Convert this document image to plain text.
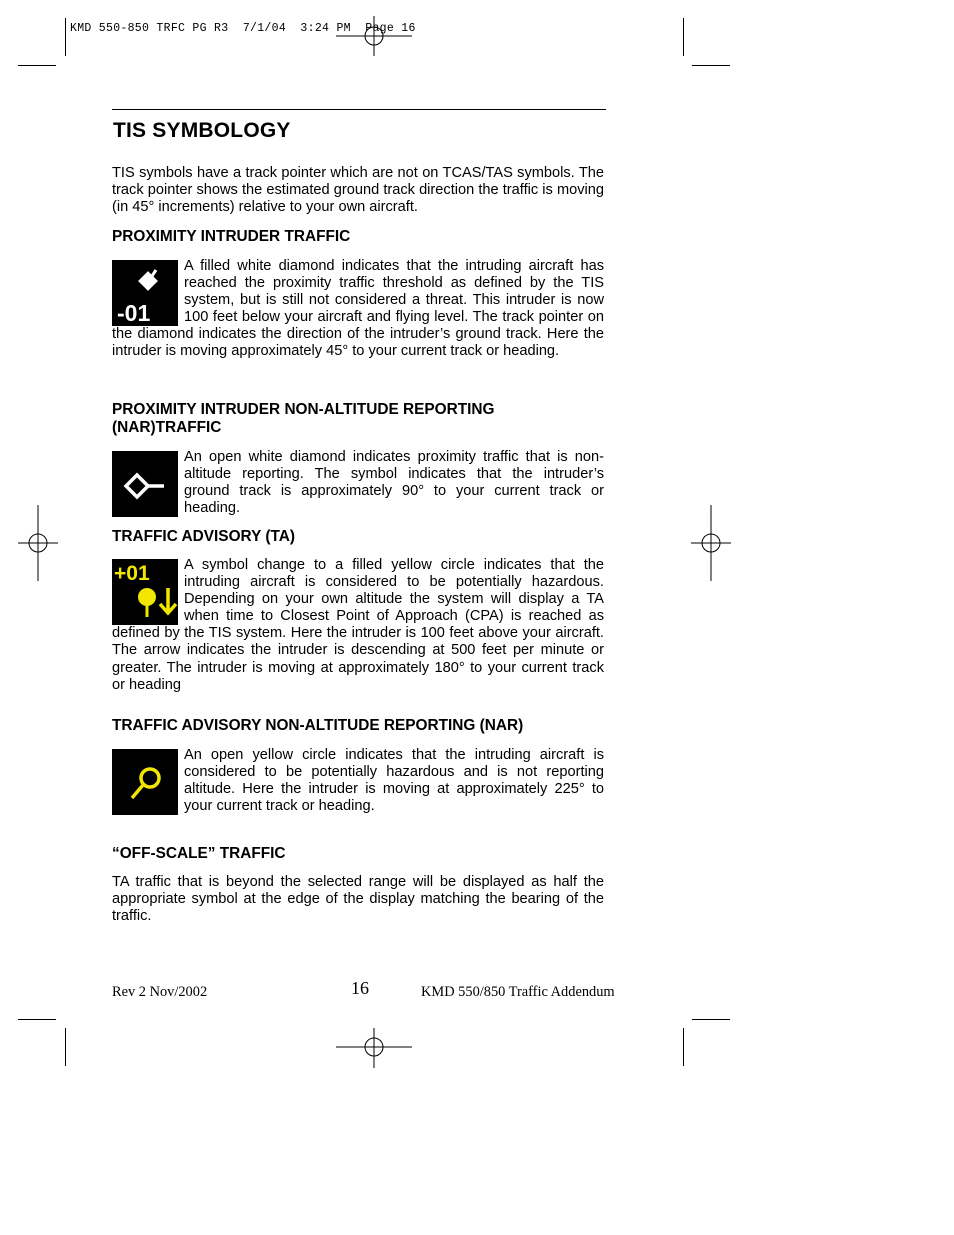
KMD 550-850 TRFC PG R3  7/1/04  3:24 PM  Page 16
TIS SYMBOLOGY

TIS symbols have a track pointer which are not on TCAS/TAS symbols. The track pointer shows the estimated ground track direction the traffic is moving (in 45° increments) relative to your own aircraft.

PROXIMITY INTRUDER TRAFFIC
-01

A filled white diamond indicates that the intruding aircraft has reached the proximity traffic threshold as defined by the TIS system, but is still not considered a threat. This intruder is now 100 feet below your aircraft and flying level. The track pointer on the diamond indicates the direction of the intruder’s ground track. Here the intruder is moving approximately 45° to your current track or heading.

PROXIMITY INTRUDER NON-ALTITUDE REPORTING (NAR)TRAFFIC

An open white diamond indicates proximity traffic that is non-altitude reporting. The symbol indicates that the intruder’s ground track is approximately 90° to your current track or heading.

TRAFFIC ADVISORY (TA)
+01	A symbol change to a filled yellow circle indicates that the intruding aircraft is considered to be potentially hazardous. Depending on your own altitude the system will display a TA when time to Closest Point of Approach (CPA) is reached as defined by the TIS system. Here the intruder is 100 feet above your aircraft. The arrow indicates the intruder is descending at 500 feet per minute or greater. The intruder is moving at approximately 180° to your current track or heading

TRAFFIC ADVISORY NON-ALTITUDE REPORTING (NAR)

An open yellow circle indicates that the intruding aircraft is considered to be potentially hazardous and is not reporting altitude. Here the intruder is moving at approximately 225° to your current track or heading.

“OFF-SCALE” TRAFFIC

TA traffic that is beyond the selected range will be displayed as half the appropriate symbol at the edge of the display matching the bearing of the traffic.

Rev 2 Nov/2002	16	KMD 550/850 Traffic Addendum
